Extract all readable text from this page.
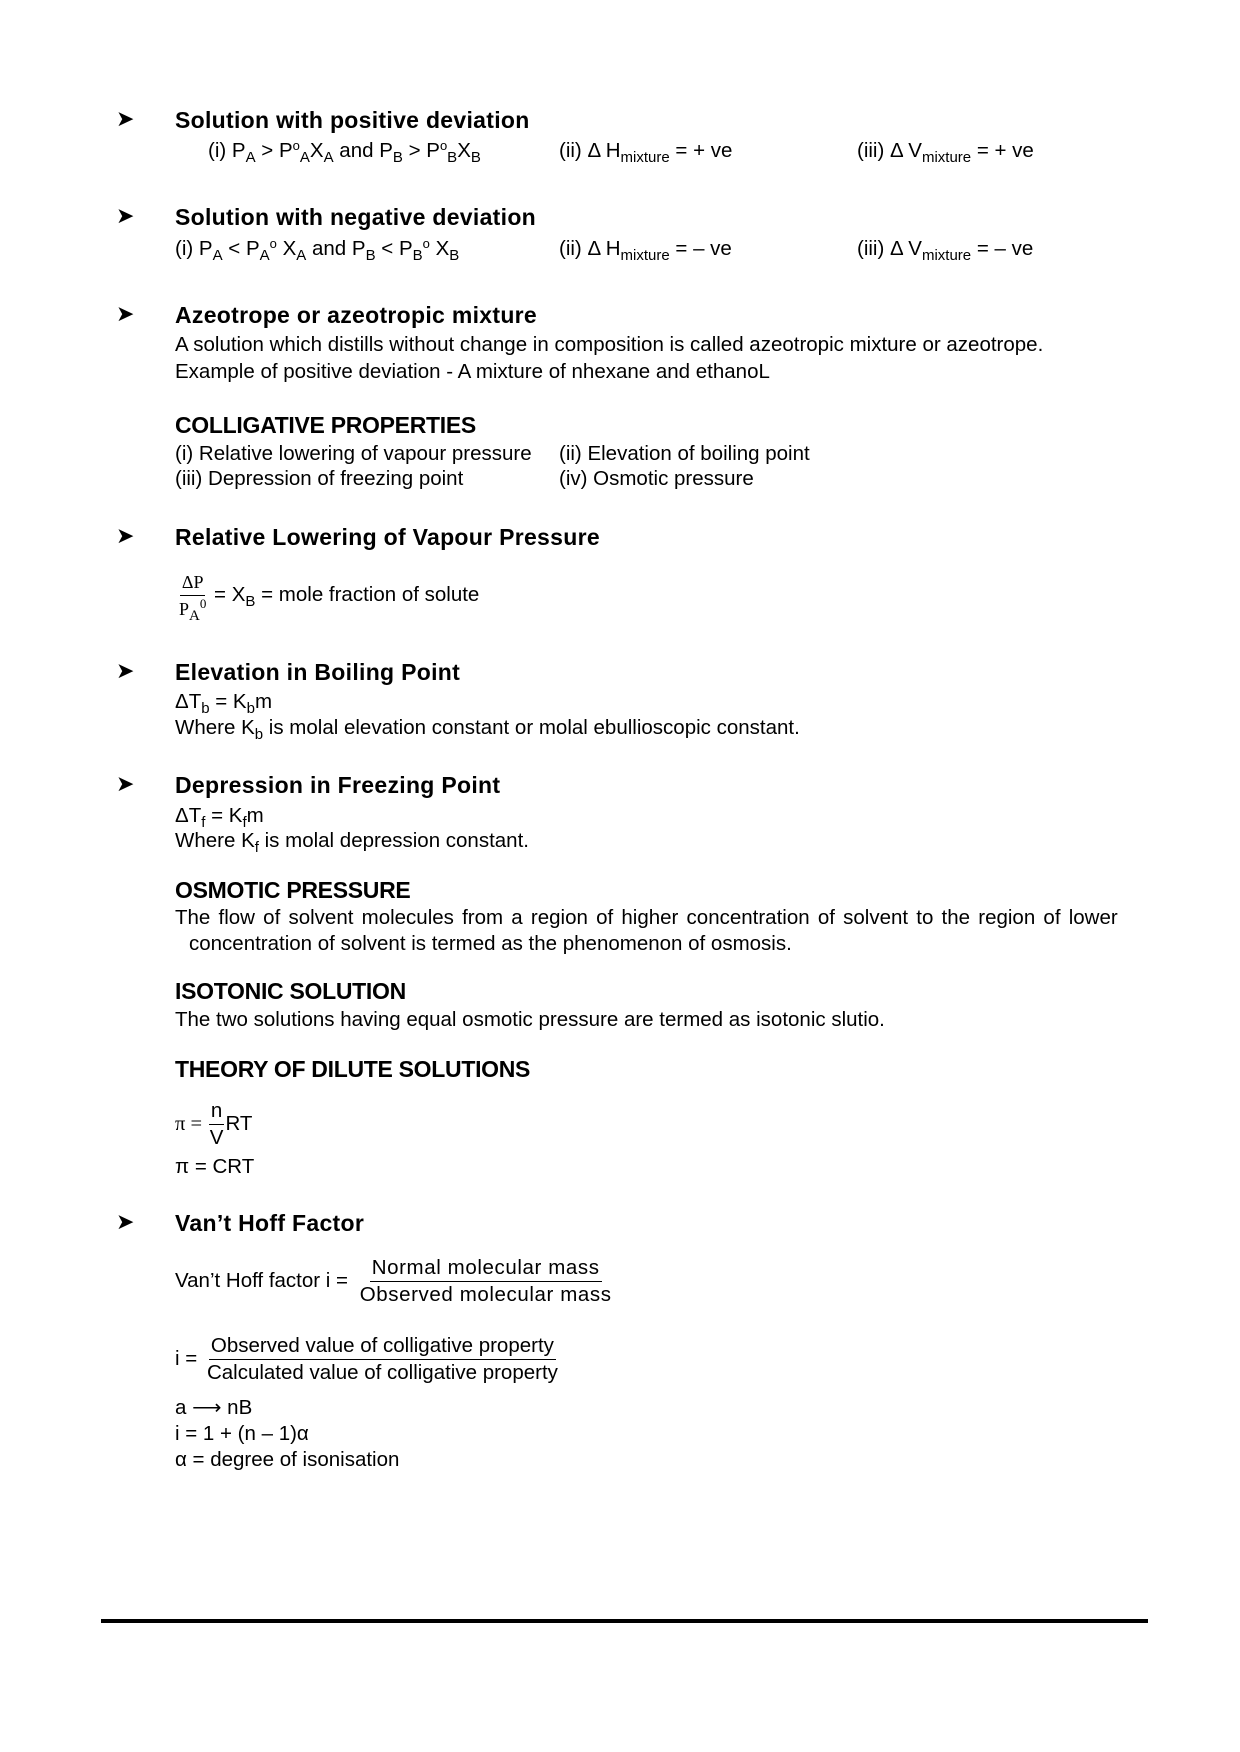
➤ Solution with positive deviation
(i) $P_A > P^o_AX_A$ and $P_B > P^o_BX_B$	(ii) Δ $H_{mixture}$ = + ve	(iii) Δ $V_{mixture}$ = + ve
➤ Solution with negative deviation
(i) $P_A < P_A^o$ $X_A$ and $P_B < P_B^o$ $X_B$	(ii) Δ $H_{mixture}$ = – ve	(iii) Δ $V_{mixture}$ = – ve
➤ Azeotrope or azeotropic mixture
A solution which distills without change in composition is called azeotropic mixture or azeotrope.
Example of positive deviation - A mixture of nhexane and ethanoL
COLLIGATIVE PROPERTIES
(i) Relative lowering of vapour pressure (ii) Elevation of boiling point
(iii) Depression of freezing point	(iv) Osmotic pressure
➤ Relative Lowering of Vapour Pressure
$\frac{\Delta P}{P_A^0} = X_B$ = mole fraction of solute
➤ Elevation in Boiling Point
$\Delta T_b = K_bm$
Where $K_b$ is molal elevation constant or molal ebullioscopic constant.
➤ Depression in Freezing Point
$\Delta T_f = K_fm$
Where $K_f$ is molal depression constant.
OSMOTIC PRESSURE
The flow of solvent molecules from a region of higher concentration of solvent to the region of lower
concentration of solvent is termed as the phenomenon of osmosis.
ISOTONIC SOLUTION
The two solutions having equal osmotic pressure are termed as isotonic slutio.
THEORY OF DILUTE SOLUTIONS
$\pi = \frac{n}{V}$ RT
π = CRT
➤ Van’t Hoff Factor
Van’t Hoff factor $i = \frac{\text{Normal molecular mass}}{\text{Observed molecular mass}}$
$i = \frac{\text{Observed value of colligative property}}{\text{Calculated value of colligative property}}$
a ⟶ nB
i = 1 + (n – 1)α
α = degree of isonisation
